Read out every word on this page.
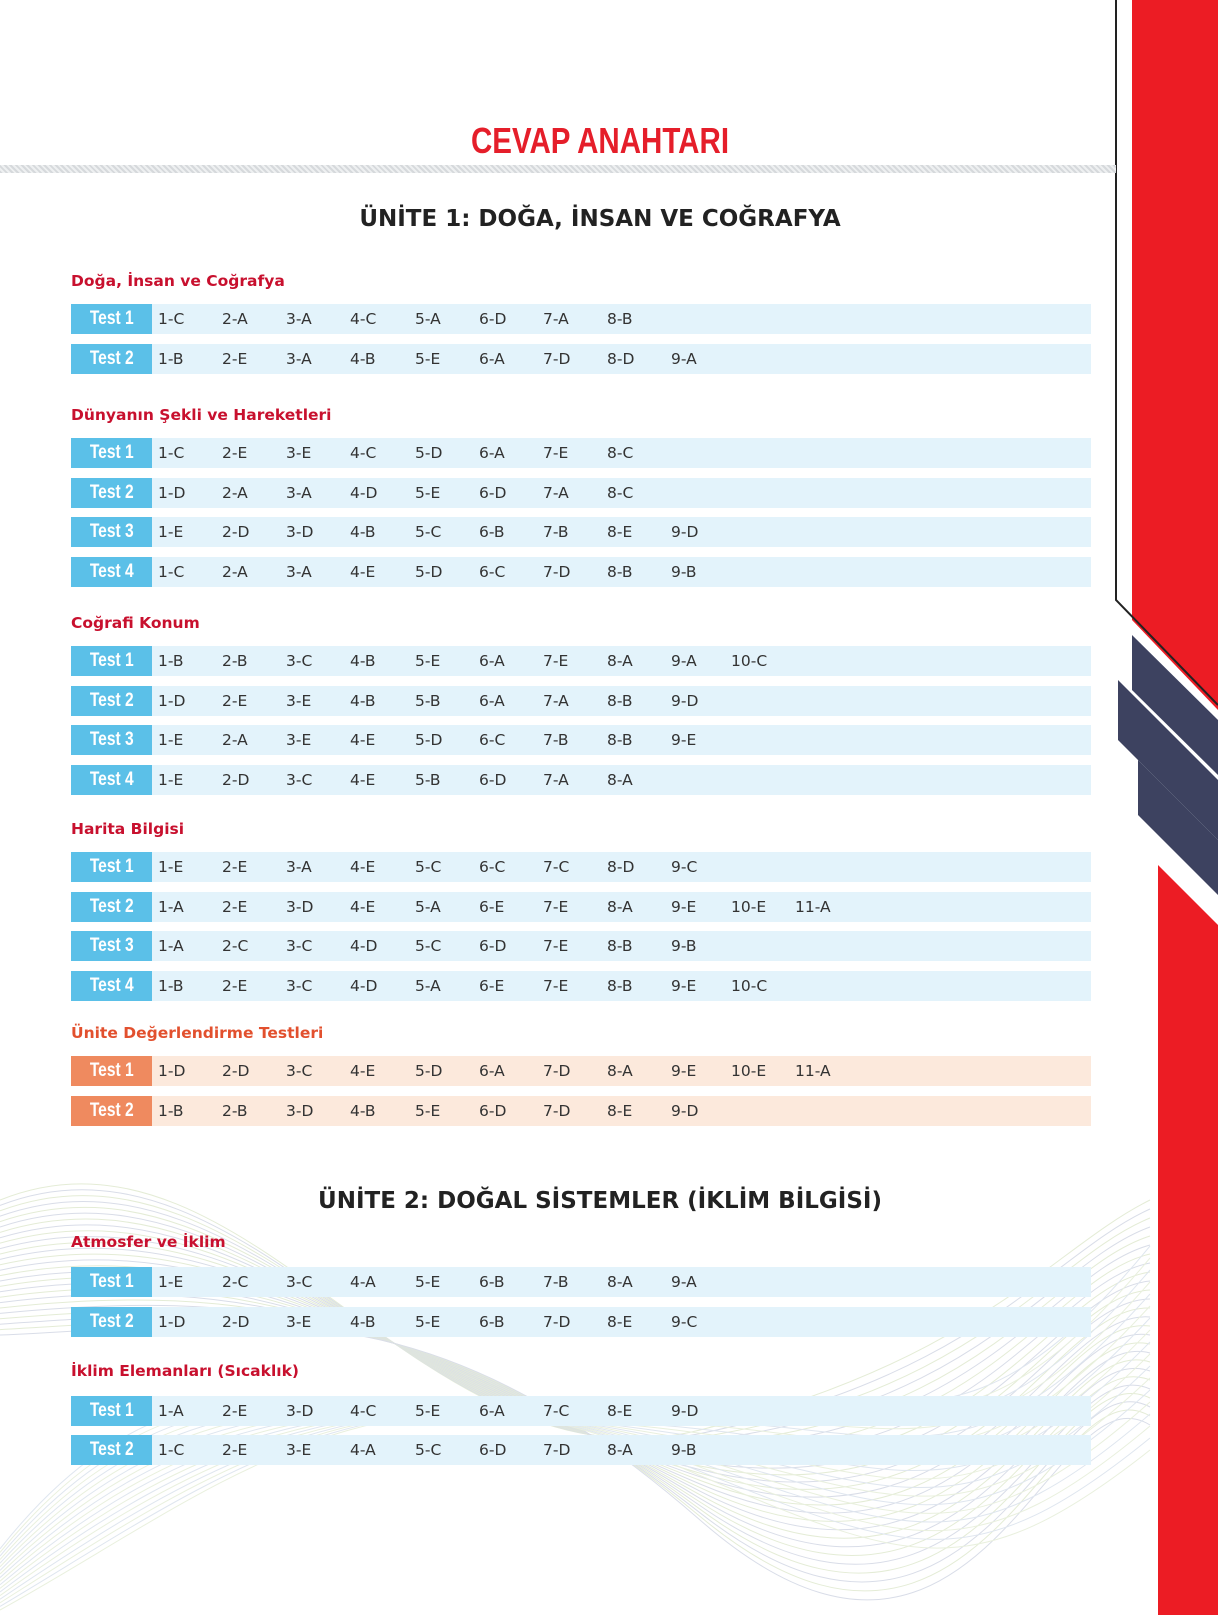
CEVAP ANAHTARI
ÜNİTE 1: DOĞA, İNSAN VE COĞRAFYA
Doğa, İnsan ve Coğrafya
Test 1	1-C 2-A 3-A 4-C 5-A 6-D 7-A 8-B
Test 2	1-B 2-E	3-A 4-B	5-E	6-A 7-D 8-D 9-A
Dünyanın Şekli ve Hareketleri
Test 1	1-C 2-E	3-E	4-C 5-D 6-A 7-E	8-C
Test 2	1-D 2-A 3-A 4-D 5-E	6-D 7-A 8-C
Test 3	1-E	2-D 3-D 4-B	5-C 6-B 7-B 8-E	9-D
Test 4	1-C 2-A 3-A 4-E	5-D 6-C 7-D 8-B 9-B
Coğrafi Konum
Test 1	1-B 2-B 3-C 4-B	5-E	6-A 7-E	8-A 9-A 10-C
Test 2	1-D 2-E	3-E	4-B	5-B 6-A 7-A 8-B 9-D
Test 3	1-E	2-A 3-E	4-E	5-D 6-C 7-B 8-B 9-E
Test 4	1-E	2-D 3-C 4-E	5-B 6-D 7-A 8-A
Harita Bilgisi
Test 1	1-E	2-E	3-A 4-E	5-C 6-C 7-C 8-D 9-C
Test 2	1-A 2-E	3-D 4-E	5-A 6-E	7-E	8-A 9-E 10-E 11-A
Test 3	1-A 2-C 3-C 4-D 5-C 6-D 7-E	8-B 9-B
Test 4	1-B 2-E	3-C 4-D 5-A 6-E	7-E	8-B 9-E 10-C
Ünite Değerlendirme Testleri
Test 1	1-D 2-D 3-C 4-E	5-D 6-A 7-D 8-A 9-E 10-E 11-A
Test 2	1-B 2-B 3-D 4-B	5-E	6-D 7-D 8-E	9-D
ÜNİTE 2: DOĞAL SİSTEMLER (İKLİM BİLGİSİ)
Atmosfer ve İklim
Test 1	1-E	2-C 3-C 4-A	5-E	6-B 7-B 8-A 9-A
Test 2	1-D 2-D 3-E	4-B	5-E	6-B 7-D 8-E	9-C
İklim Elemanları (Sıcaklık)
Test 1	1-A 2-E	3-D 4-C 5-E	6-A 7-C 8-E	9-D
Test 2	1-C 2-E	3-E	4-A	5-C 6-D 7-D 8-A 9-B
